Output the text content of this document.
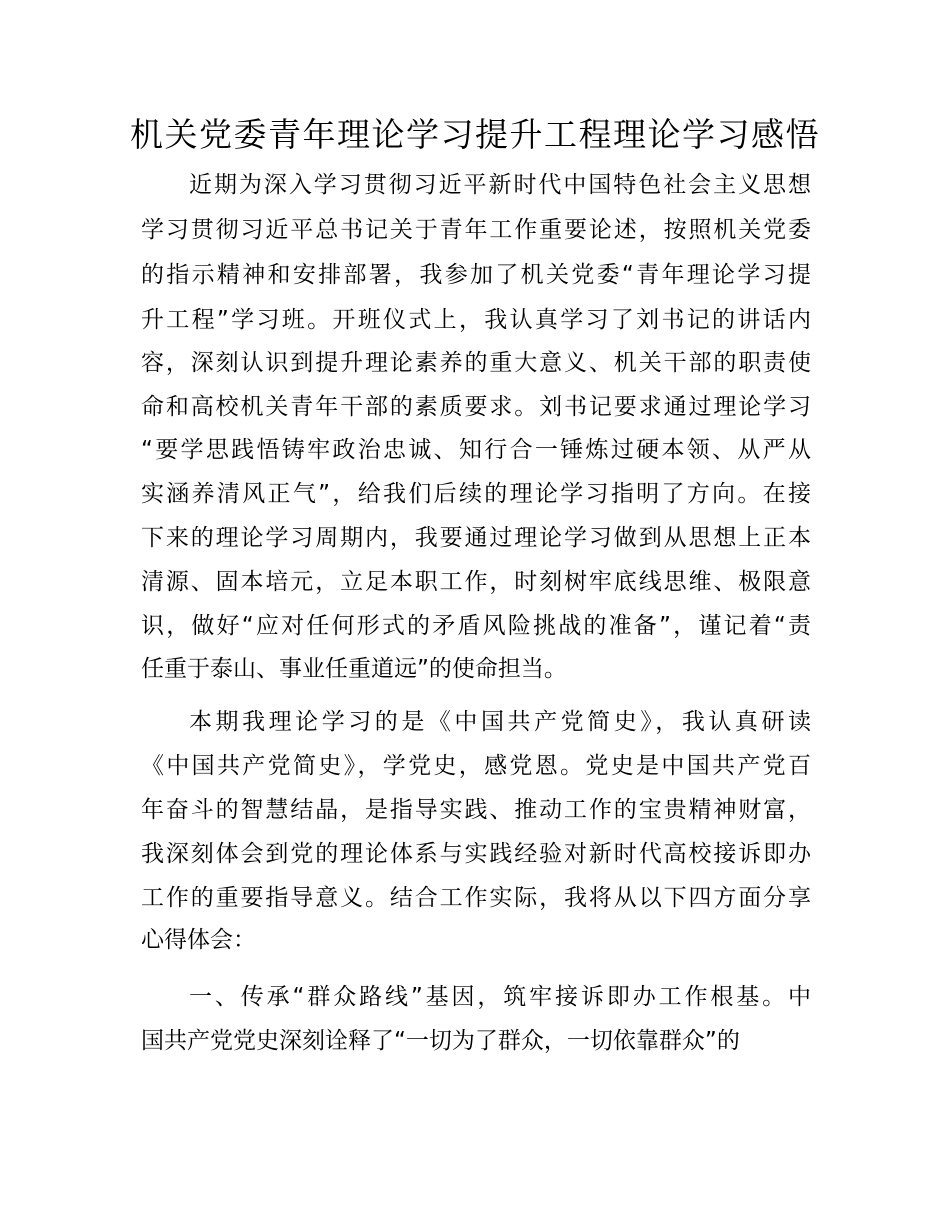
机关党委青年理论学习提升工程理论学习感悟
近期为深入学习贯彻习近平新时代中国特色社会主义思想
学习贯彻习近平总书记关于青年工作重要论述，按照机关党委
的指示精神和安排部署，我参加了机关党委“青年理论学习提
升工程”学习班。开班仪式上，我认真学习了刘书记的讲话内
容，深刻认识到提升理论素养的重大意义、机关干部的职责使
命和高校机关青年干部的素质要求。刘书记要求通过理论学习
“要学思践悟铸牢政治忠诚、知行合一锤炼过硬本领、从严从
实涵养清风正气”，给我们后续的理论学习指明了方向。在接
下来的理论学习周期内，我要通过理论学习做到从思想上正本
清源、固本培元，立足本职工作，时刻树牢底线思维、极限意
识，做好“应对任何形式的矛盾风险挑战的准备”，谨记着“责
任重于泰山、事业任重道远”的使命担当。
本期我理论学习的是《中国共产党简史》，我认真研读
《中国共产党简史》，学党史，感党恩。党史是中国共产党百
年奋斗的智慧结晶，是指导实践、推动工作的宝贵精神财富，
我深刻体会到党的理论体系与实践经验对新时代高校接诉即办
工作的重要指导意义。结合工作实际，我将从以下四方面分享
心得体会：
一、传承“群众路线”基因，筑牢接诉即办工作根基。中
国共产党党史深刻诠释了“一切为了群众，一切依靠群众”的
